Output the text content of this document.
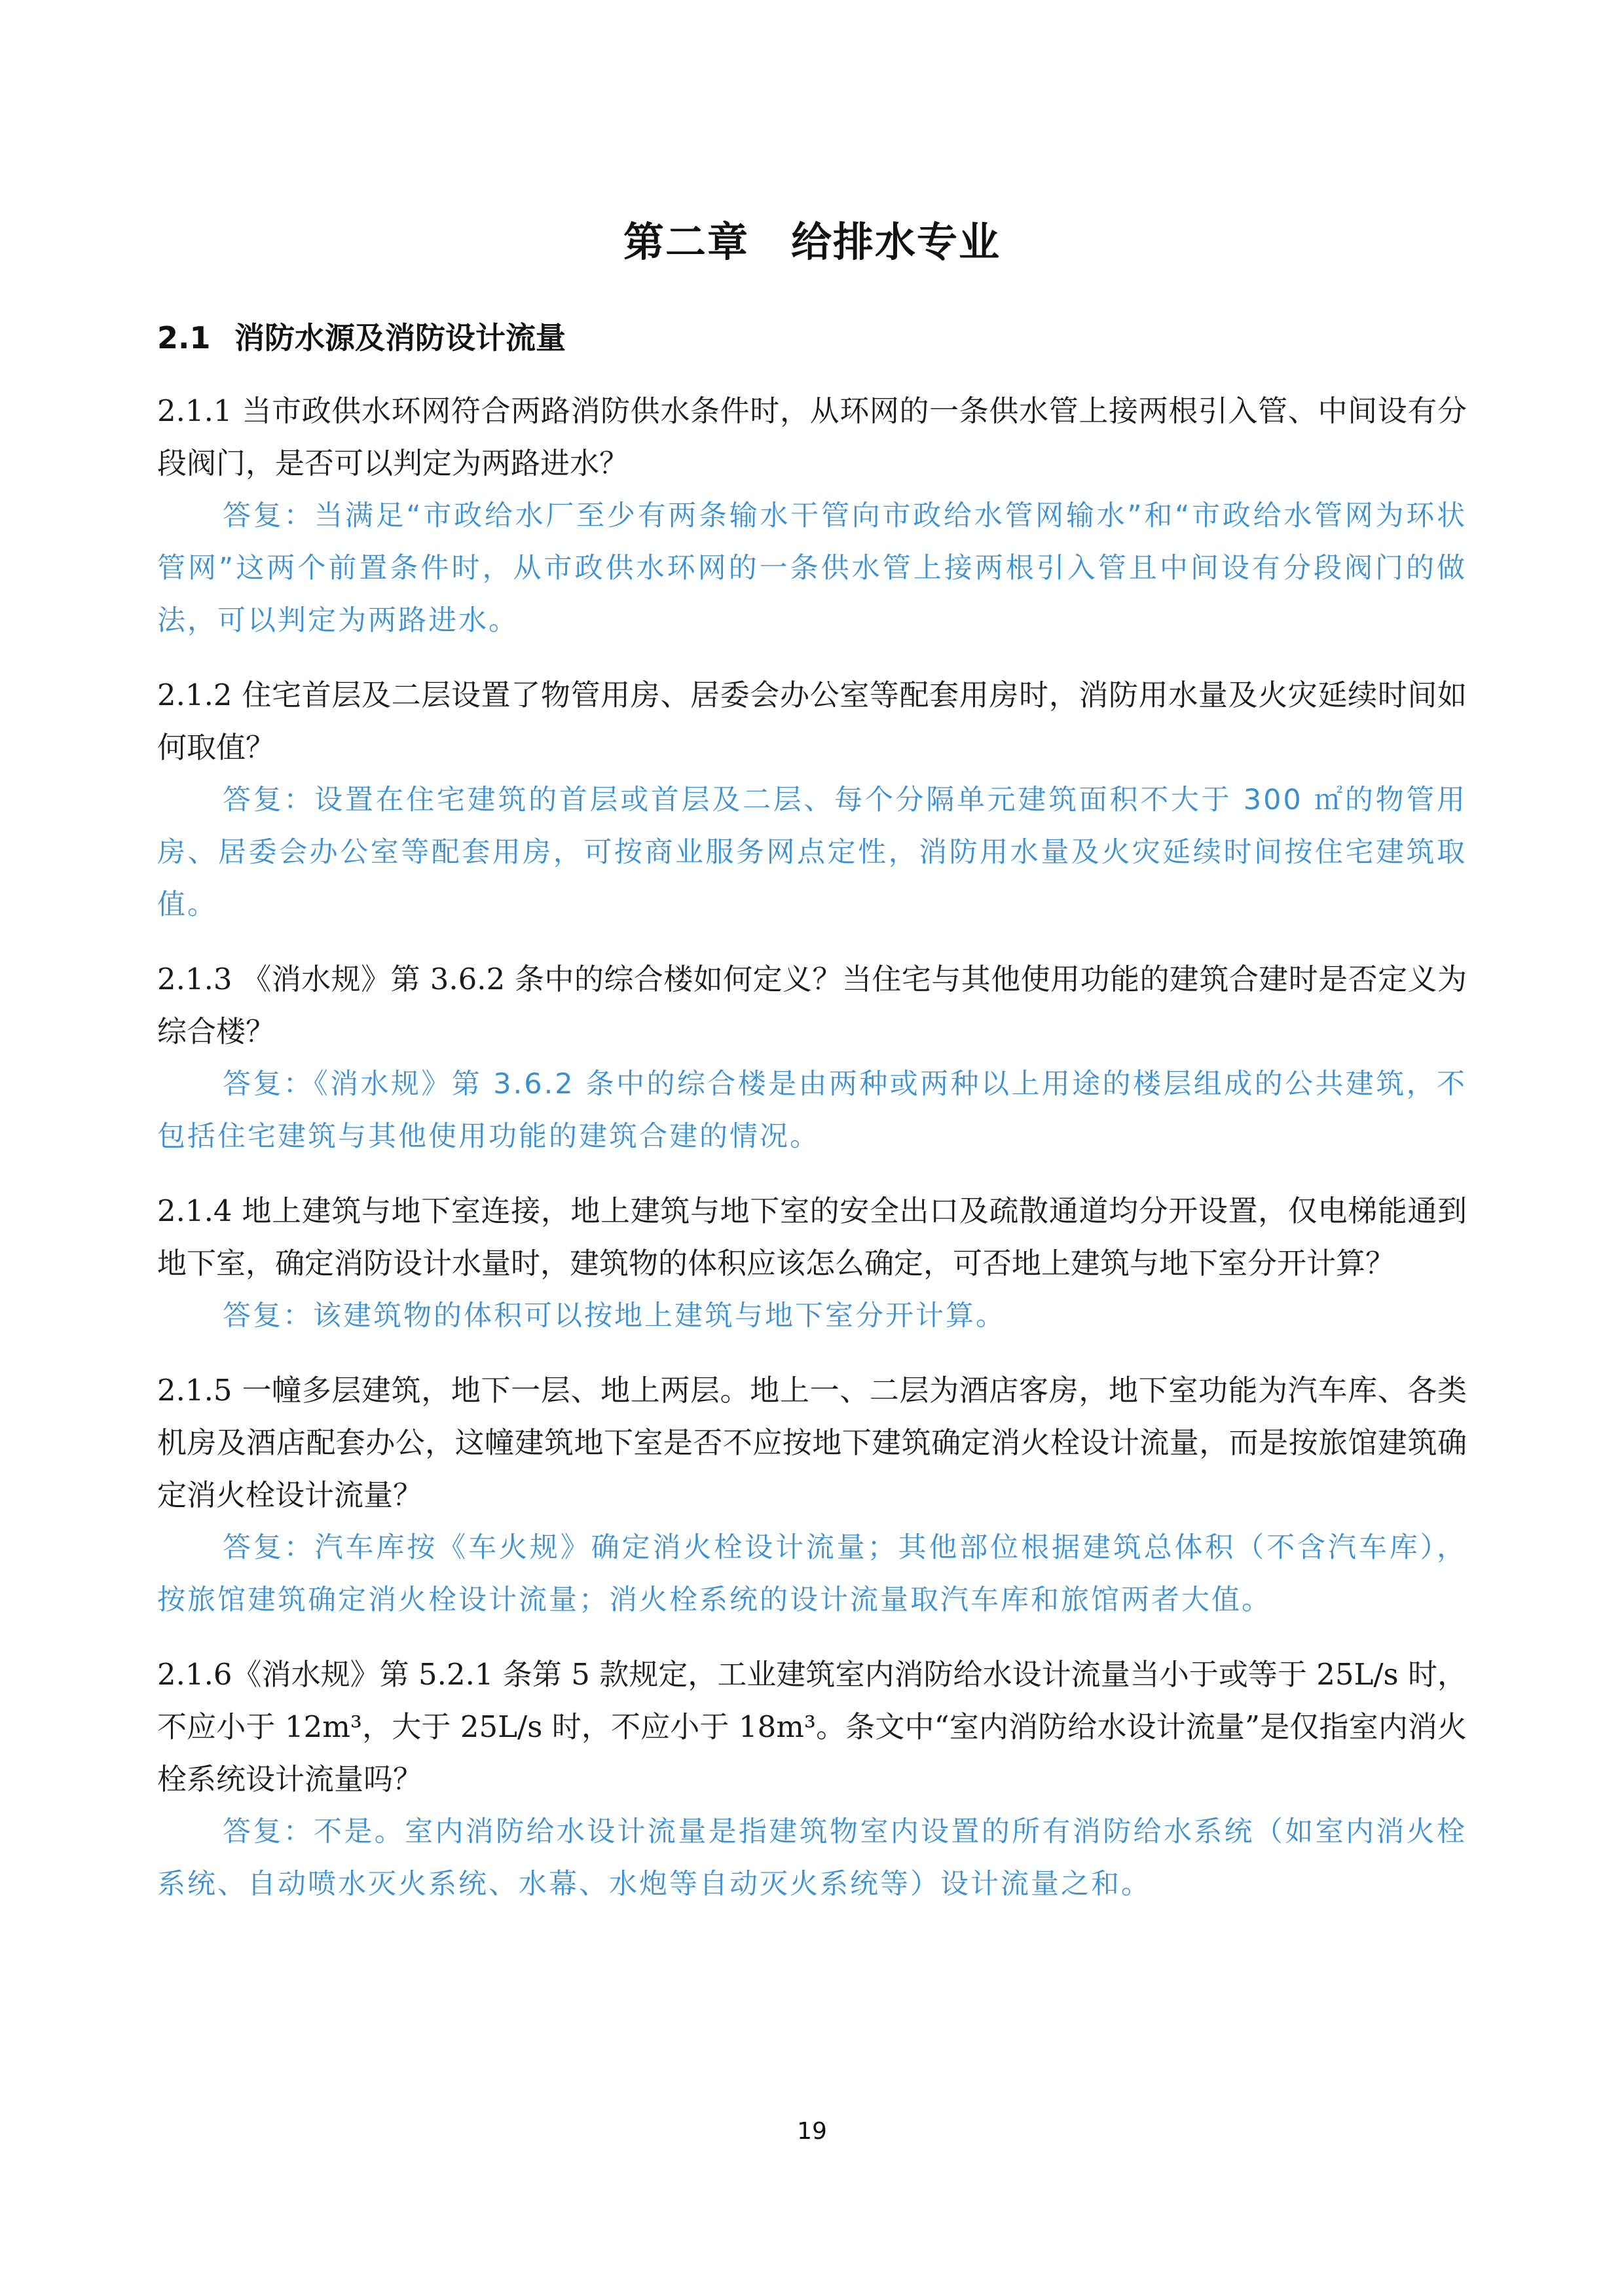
第二章　给排水专业
2.1 消防水源及消防设计流量

2.1.1 当市政供水环网符合两路消防供水条件时，从环网的一条供水管上接两根引入管、中间设有分段阀门，是否可以判定为两路进水？

答复：当满足“市政给水厂至少有两条输水干管向市政给水管网输水”和“市政给水管网为环状管网”这两个前置条件时，从市政供水环网的一条供水管上接两根引入管且中间设有分段阀门的做法，可以判定为两路进水。

2.1.2 住宅首层及二层设置了物管用房、居委会办公室等配套用房时，消防用水量及火灾延续时间如何取值？

答复：设置在住宅建筑的首层或首层及二层、每个分隔单元建筑面积不大于 300 ㎡的物管用房、居委会办公室等配套用房，可按商业服务网点定性，消防用水量及火灾延续时间按住宅建筑取值。

2.1.3 《消水规》第 3.6.2 条中的综合楼如何定义？当住宅与其他使用功能的建筑合建时是否定义为综合楼？

答复：《消水规》第 3.6.2 条中的综合楼是由两种或两种以上用途的楼层组成的公共建筑，不包括住宅建筑与其他使用功能的建筑合建的情况。

2.1.4 地上建筑与地下室连接，地上建筑与地下室的安全出口及疏散通道均分开设置，仅电梯能通到地下室，确定消防设计水量时，建筑物的体积应该怎么确定，可否地上建筑与地下室分开计算？

答复：该建筑物的体积可以按地上建筑与地下室分开计算。

2.1.5 一幢多层建筑，地下一层、地上两层。地上一、二层为酒店客房，地下室功能为汽车库、各类机房及酒店配套办公，这幢建筑地下室是否不应按地下建筑确定消火栓设计流量，而是按旅馆建筑确定消火栓设计流量？

答复：汽车库按《车火规》确定消火栓设计流量；其他部位根据建筑总体积（不含汽车库），按旅馆建筑确定消火栓设计流量；消火栓系统的设计流量取汽车库和旅馆两者大值。

2.1.6《消水规》第 5.2.1 条第 5 款规定，工业建筑室内消防给水设计流量当小于或等于 25L/s 时，不应小于 12m³，大于 25L/s 时，不应小于 18m³。条文中“室内消防给水设计流量”是仅指室内消火栓系统设计流量吗？

答复：不是。室内消防给水设计流量是指建筑物室内设置的所有消防给水系统（如室内消火栓系统、自动喷水灭火系统、水幕、水炮等自动灭火系统等）设计流量之和。

19
